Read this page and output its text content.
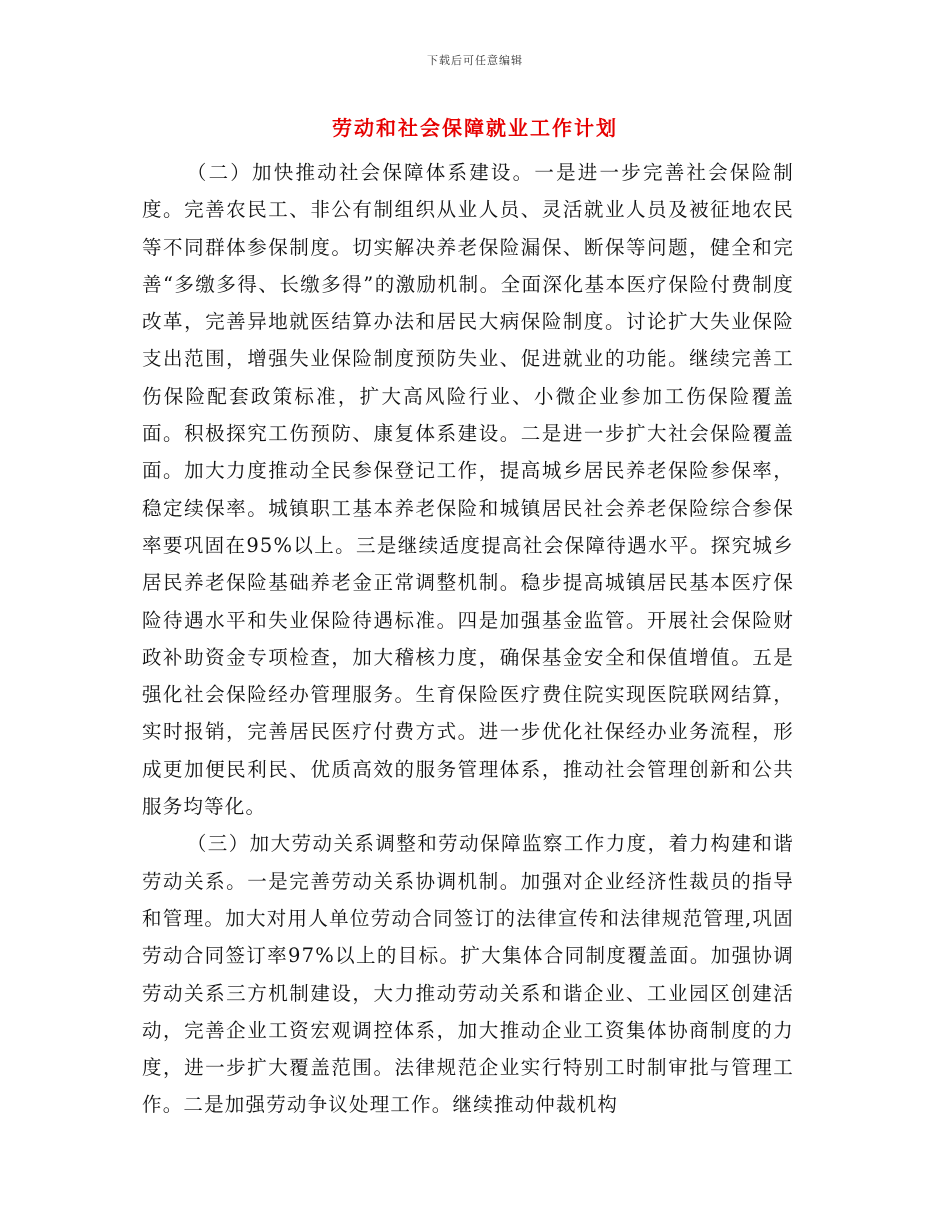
下载后可任意编辑
劳动和社会保障就业工作计划

（二）加快推动社会保障体系建设。一是进一步完善社会保险制度。完善农民工、非公有制组织从业人员、灵活就业人员及被征地农民等不同群体参保制度。切实解决养老保险漏保、断保等问题，健全和完善“多缴多得、长缴多得”的激励机制。全面深化基本医疗保险付费制度改革，完善异地就医结算办法和居民大病保险制度。讨论扩大失业保险支出范围，增强失业保险制度预防失业、促进就业的功能。继续完善工伤保险配套政策标准，扩大高风险行业、小微企业参加工伤保险覆盖面。积极探究工伤预防、康复体系建设。二是进一步扩大社会保险覆盖面。加大力度推动全民参保登记工作，提高城乡居民养老保险参保率，稳定续保率。城镇职工基本养老保险和城镇居民社会养老保险综合参保率要巩固在95%以上。三是继续适度提高社会保障待遇水平。探究城乡居民养老保险基础养老金正常调整机制。稳步提高城镇居民基本医疗保险待遇水平和失业保险待遇标准。四是加强基金监管。开展社会保险财政补助资金专项检查，加大稽核力度，确保基金安全和保值增值。五是强化社会保险经办管理服务。生育保险医疗费住院实现医院联网结算，实时报销，完善居民医疗付费方式。进一步优化社保经办业务流程，形成更加便民利民、优质高效的服务管理体系，推动社会管理创新和公共服务均等化。

（三）加大劳动关系调整和劳动保障监察工作力度，着力构建和谐劳动关系。一是完善劳动关系协调机制。加强对企业经济性裁员的指导和管理。加大对用人单位劳动合同签订的法律宣传和法律规范管理,巩固劳动合同签订率97%以上的目标。扩大集体合同制度覆盖面。加强协调劳动关系三方机制建设，大力推动劳动关系和谐企业、工业园区创建活动，完善企业工资宏观调控体系，加大推动企业工资集体协商制度的力度，进一步扩大覆盖范围。法律规范企业实行特别工时制审批与管理工作。二是加强劳动争议处理工作。继续推动仲裁机构
